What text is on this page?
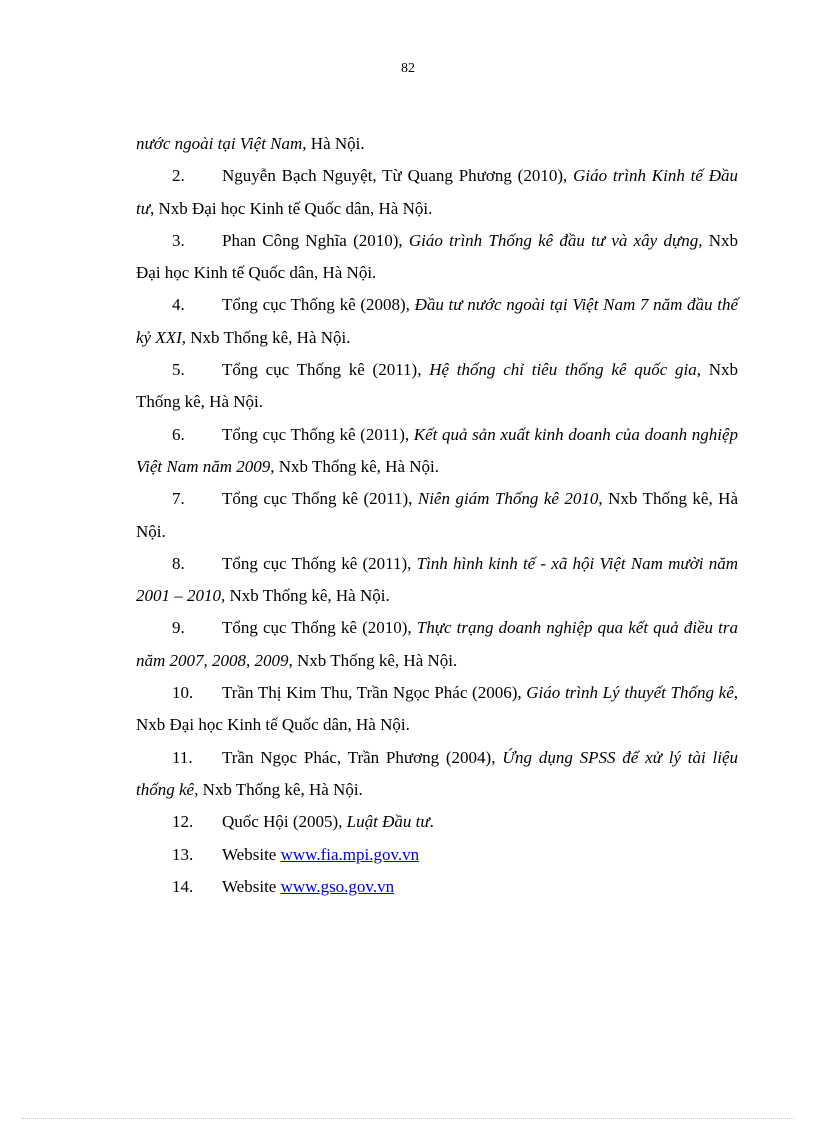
82

nước ngoài tại Việt Nam, Hà Nội.

2. Nguyễn Bạch Nguyệt, Từ Quang Phương (2010), Giáo trình Kinh tế Đầu tư, Nxb Đại học Kinh tế Quốc dân, Hà Nội.

3. Phan Công Nghĩa (2010), Giáo trình Thống kê đầu tư và xây dựng, Nxb Đại học Kinh tế Quốc dân, Hà Nội.

4. Tổng cục Thống kê (2008), Đầu tư nước ngoài tại Việt Nam 7 năm đầu thế kỷ XXI, Nxb Thống kê, Hà Nội.

5. Tổng cục Thống kê (2011), Hệ thống chỉ tiêu thống kê quốc gia, Nxb Thống kê, Hà Nội.

6. Tổng cục Thống kê (2011), Kết quả sản xuất kinh doanh của doanh nghiệp Việt Nam năm 2009, Nxb Thống kê, Hà Nội.

7. Tổng cục Thống kê (2011), Niên giám Thống kê 2010, Nxb Thống kê, Hà Nội.

8. Tổng cục Thống kê (2011), Tình hình kinh tế - xã hội Việt Nam mười năm 2001 – 2010, Nxb Thống kê, Hà Nội.

9. Tổng cục Thống kê (2010), Thực trạng doanh nghiệp qua kết quả điều tra năm 2007, 2008, 2009, Nxb Thống kê, Hà Nội.

10. Trần Thị Kim Thu, Trần Ngọc Phác (2006), Giáo trình Lý thuyết Thống kê, Nxb Đại học Kinh tế Quốc dân, Hà Nội.

11. Trần Ngọc Phác, Trần Phương (2004), Ứng dụng SPSS để xử lý tài liệu thống kê, Nxb Thống kê, Hà Nội.

12. Quốc Hội (2005), Luật Đầu tư.

13. Website www.fia.mpi.gov.vn

14. Website www.gso.gov.vn
